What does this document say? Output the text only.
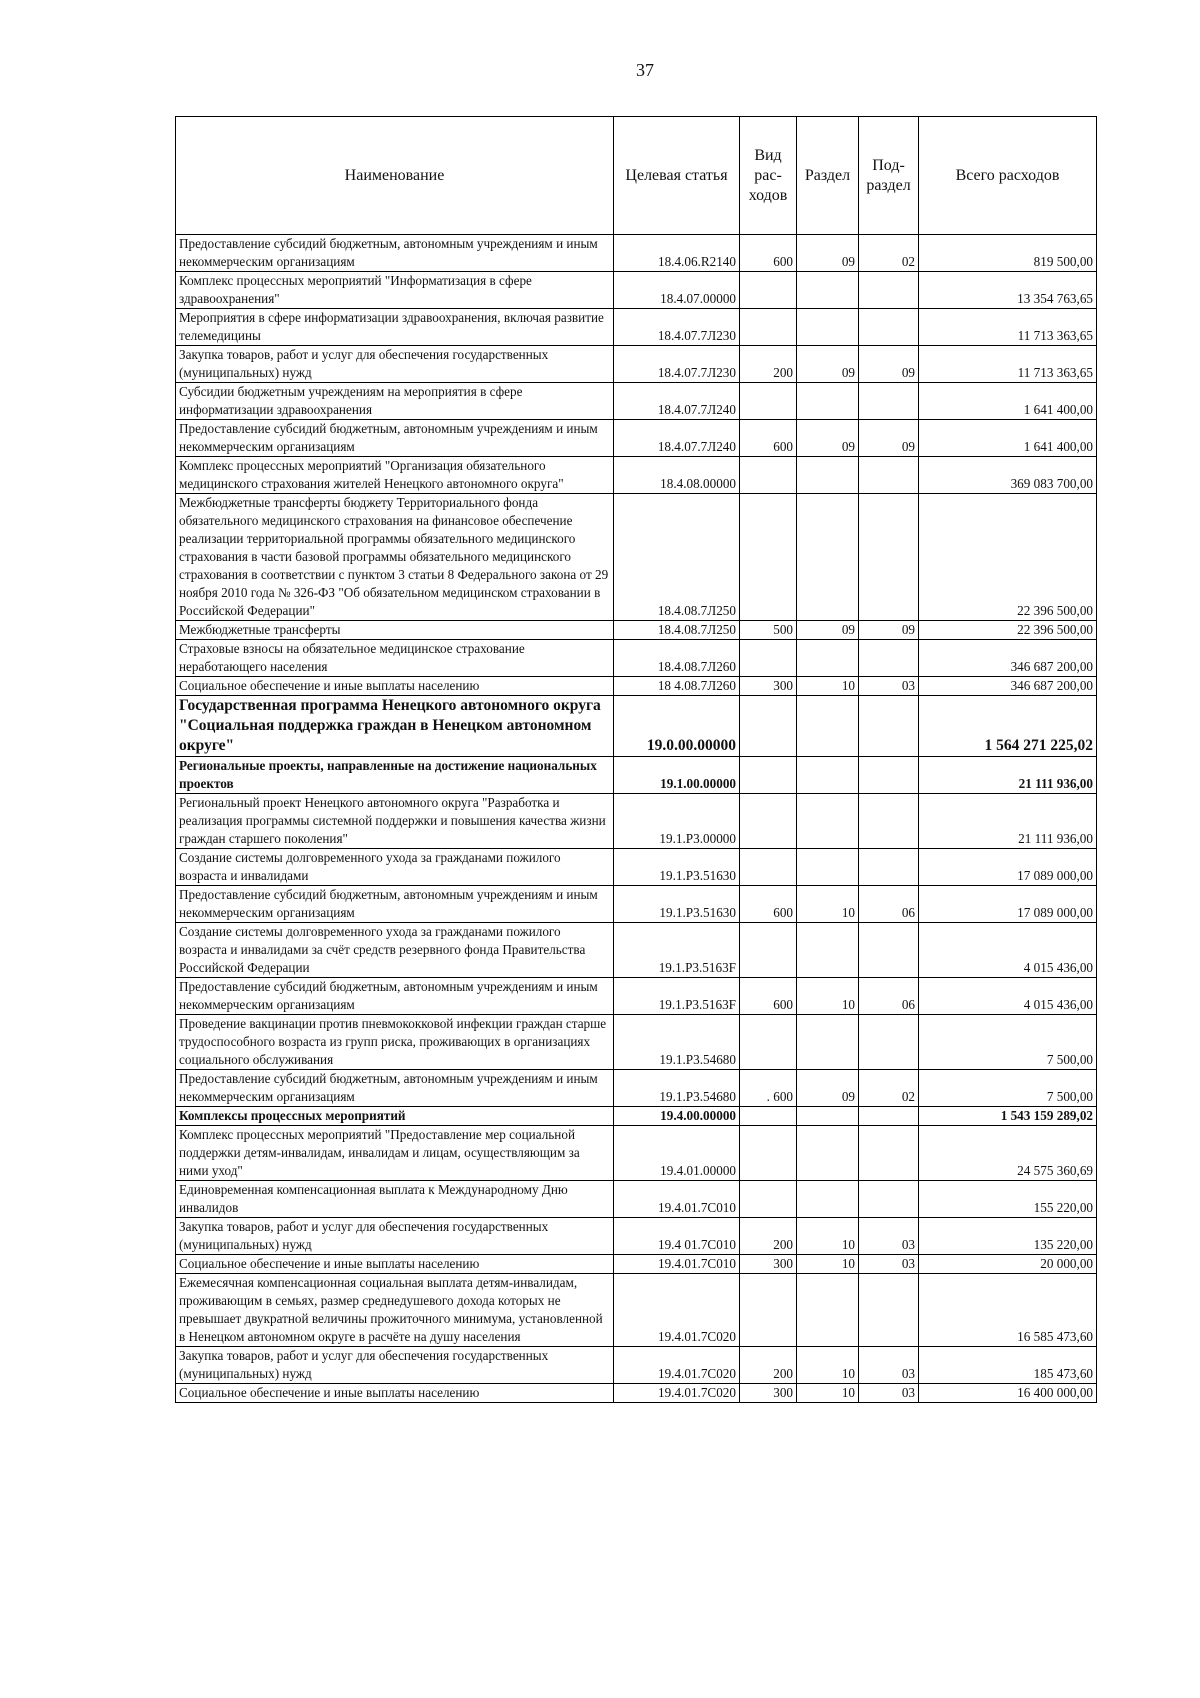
37
Наименование	Целевая статья	Вид рас- ходов	Раздел	Под- раздел	Всего расходов
Предоставление субсидий бюджетным, автономным учреждениям и иным некоммерческим организациям	18.4.06.R2140	600	09	02	819 500,00
Комплекс процессных мероприятий "Информатизация в сфере здравоохранения"	18.4.07.00000				13 354 763,65
Мероприятия в сфере информатизации здравоохранения, включая развитие телемедицины	18.4.07.7Л230				11 713 363,65
Закупка товаров, работ и услуг для обеспечения государственных (муниципальных) нужд	18.4.07.7Л230	200	09	09	11 713 363,65
Субсидии бюджетным учреждениям на мероприятия в сфере информатизации здравоохранения	18.4.07.7Л240				1 641 400,00
Предоставление субсидий бюджетным, автономным учреждениям и иным некоммерческим организациям	18.4.07.7Л240	600	09	09	1 641 400,00
Комплекс процессных мероприятий "Организация обязательного медицинского страхования жителей Ненецкого автономного округа"	18.4.08.00000				369 083 700,00
Межбюджетные трансферты бюджету Территориального фонда обязательного медицинского страхования на финансовое обеспечение реализации территориальной программы обязательного медицинского страхования в части базовой программы обязательного медицинского страхования в соответствии с пунктом 3 статьи 8 Федерального закона от 29 ноября 2010 года № 326-ФЗ "Об обязательном медицинском страховании в Российской Федерации"	18.4.08.7Л250				22 396 500,00
Межбюджетные трансферты	18.4.08.7Л250	500	09	09	22 396 500,00
Страховые взносы на обязательное медицинское страхование неработающего населения	18.4.08.7Л260				346 687 200,00
Социальное обеспечение и иные выплаты населению	18 4.08.7Л260	300	10	03	346 687 200,00
Государственная программа Ненецкого автономного округа "Социальная поддержка граждан в Ненецком автономном округе"	19.0.00.00000				1 564 271 225,02
Региональные проекты, направленные на достижение национальных проектов	19.1.00.00000				21 111 936,00
Региональный проект Ненецкого автономного округа "Разработка и реализация программы системной поддержки и повышения качества жизни граждан старшего поколения"	19.1.P3.00000				21 111 936,00
Создание системы долговременного ухода за гражданами пожилого возраста и инвалидами	19.1.P3.51630				17 089 000,00
Предоставление субсидий бюджетным, автономным учреждениям и иным некоммерческим организациям	19.1.P3.51630	600	10	06	17 089 000,00
Создание системы долговременного ухода за гражданами пожилого возраста и инвалидами за счёт средств резервного фонда Правительства Российской Федерации	19.1.P3.5163F				4 015 436,00
Предоставление субсидий бюджетным, автономным учреждениям и иным некоммерческим организациям	19.1.P3.5163F	600	10	06	4 015 436,00
Проведение вакцинации против пневмококковой инфекции граждан старше трудоспособного возраста из групп риска, проживающих в организациях социального обслуживания	19.1.P3.54680				7 500,00
Предоставление субсидий бюджетным, автономным учреждениям и иным некоммерческим организациям	19.1.P3.54680	. 600	09	02	7 500,00
Комплексы процессных мероприятий	19.4.00.00000				1 543 159 289,02
Комплекс процессных мероприятий "Предоставление мер социальной поддержки детям-инвалидам, инвалидам и лицам, осуществляющим за ними уход"	19.4.01.00000				24 575 360,69
Единовременная компенсационная выплата к Международному Дню инвалидов	19.4.01.7С010				155 220,00
Закупка товаров, работ и услуг для обеспечения государственных (муниципальных) нужд	19.4 01.7С010	200	10	03	135 220,00
Социальное обеспечение и иные выплаты населению	19.4.01.7С010	300	10	03	20 000,00
Ежемесячная компенсационная социальная выплата детям-инвалидам, проживающим в семьях, размер среднедушевого дохода которых не превышает двукратной величины прожиточного минимума, установленной в Ненецком автономном округе в расчёте на душу населения	19.4.01.7С020				16 585 473,60
Закупка товаров, работ и услуг для обеспечения государственных (муниципальных) нужд	19.4.01.7С020	200	10	03	185 473,60
Социальное обеспечение и иные выплаты населению	19.4.01.7С020	300	10	03	16 400 000,00
